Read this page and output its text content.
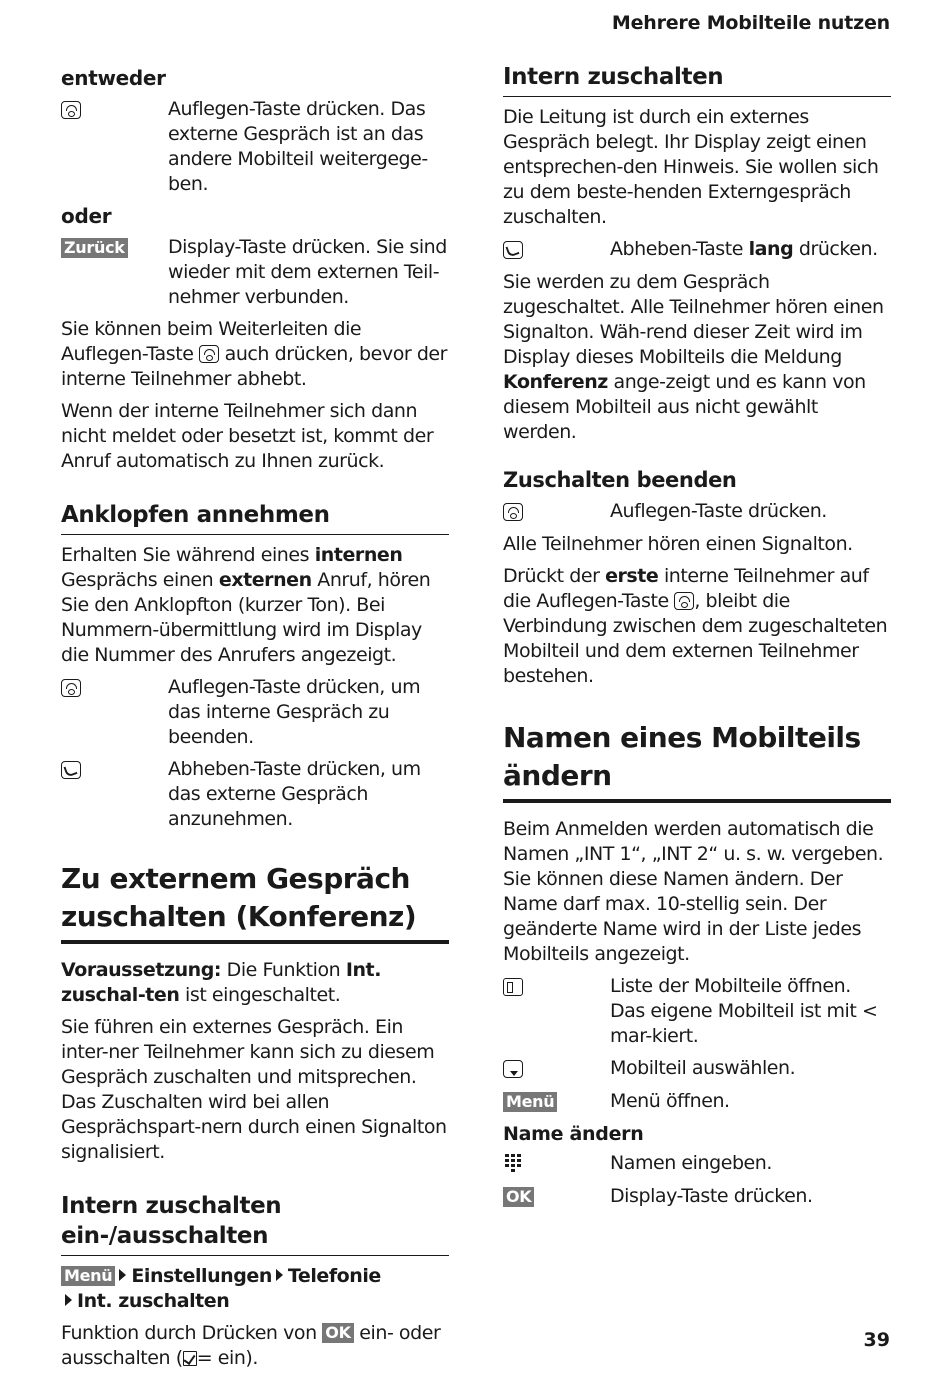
Mehrere Mobilteile nutzen
entweder
Auflegen-Taste drücken. Das externe Gespräch ist an das andere Mobilteil weitergege-ben.
oder
Zurück	Display-Taste drücken. Sie sind wieder mit dem externen Teil-nehmer verbunden.

Sie können beim Weiterleiten die Auflegen-Taste auch drücken, bevor der interne Teilnehmer abhebt.

Wenn der interne Teilnehmer sich dann nicht meldet oder besetzt ist, kommt der Anruf automatisch zu Ihnen zurück.

Anklopfen annehmen

Erhalten Sie während eines internen Gesprächs einen externen Anruf, hören Sie den Anklopfton (kurzer Ton). Bei Nummern-übermittlung wird im Display die Nummer des Anrufers angezeigt.

Auflegen-Taste drücken, um das interne Gespräch zu beenden.
Abheben-Taste drücken, um das externe Gespräch anzunehmen.
Zu externem Gespräch
zuschalten (Konferenz)

Voraussetzung: Die Funktion Int. zuschal-ten ist eingeschaltet.

Sie führen ein externes Gespräch. Ein inter-ner Teilnehmer kann sich zu diesem Gespräch zuschalten und mitsprechen. Das Zuschalten wird bei allen Gesprächspart-nern durch einen Signalton signalisiert.

Intern zuschalten ein-/ausschalten

Menü Einstellungen Telefonie
Int. zuschalten

Funktion durch Drücken von OK ein- oder ausschalten ( = ein).

Intern zuschalten

Die Leitung ist durch ein externes Gespräch belegt. Ihr Display zeigt einen entsprechen-den Hinweis. Sie wollen sich zu dem beste-henden Externgespräch zuschalten.

Abheben-Taste lang drücken.

Sie werden zu dem Gespräch zugeschaltet. Alle Teilnehmer hören einen Signalton. Wäh-rend dieser Zeit wird im Display dieses Mobilteils die Meldung Konferenz ange-zeigt und es kann von diesem Mobilteil aus nicht gewählt werden.

Zuschalten beenden
Auflegen-Taste drücken.

Alle Teilnehmer hören einen Signalton.

Drückt der erste interne Teilnehmer auf die Auflegen-Taste , bleibt die Verbindung zwischen dem zugeschalteten Mobilteil und dem externen Teilnehmer bestehen.

Namen eines Mobilteils
ändern

Beim Anmelden werden automatisch die Namen „INT 1“, „INT 2“ u. s. w. vergeben. Sie können diese Namen ändern. Der Name darf max. 10-stellig sein. Der geänderte Name wird in der Liste jedes Mobilteils angezeigt.

Liste der Mobilteile öffnen. Das eigene Mobilteil ist mit < mar-kiert.
Mobilteil auswählen.
Menü	Menü öffnen.
Name ändern
Namen eingeben.
OK	Display-Taste drücken.
39
